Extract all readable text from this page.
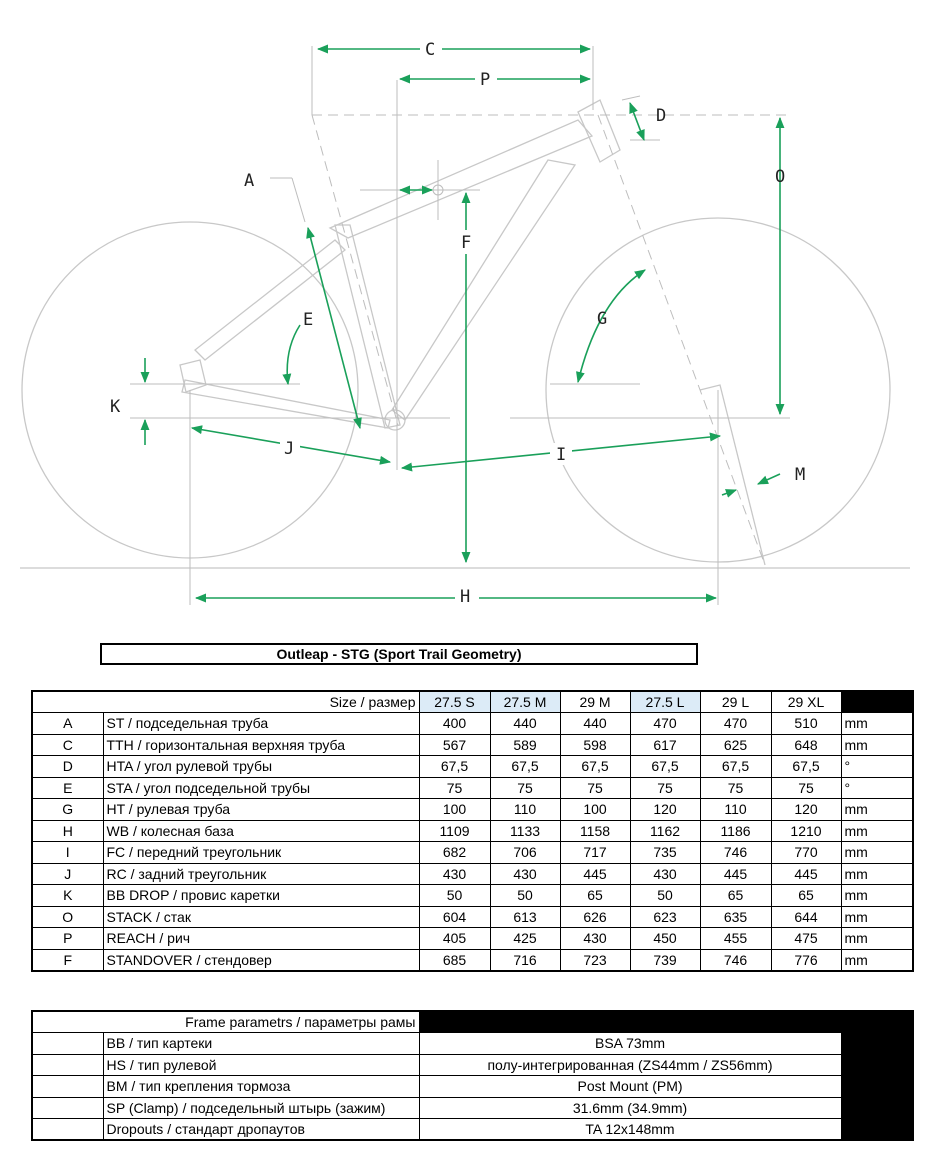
C
P
D
O
A
F
E	G
K
J	I
M
H
Outleap - STG (Sport Trail Geometry)
Size / размер		27.5 S	27.5 M	29 M	27.5 L	29 L	29 XL	
A	ST / подседельная труба	400	440	440	470	470	510	mm
C	TTH / горизонтальная верхняя труба	567	589	598	617	625	648	mm
D	HTA / угол рулевой трубы	67,5	67,5	67,5	67,5	67,5	67,5	°
E	STA / угол подседельной трубы	75	75	75	75	75	75	°
G	HT / рулевая труба	100	110	100	120	110	120	mm
H	WB / колесная база	1109	1133	1158	1162	1186	1210	mm
I	FC / передний треугольник	682	706	717	735	746	770	mm
J	RC / задний треугольник	430	430	445	430	445	445	mm
K	BB DROP / провис каретки	50	50	65	50	65	65	mm
O	STACK / стак	604	613	626	623	635	644	mm
P	REACH / рич	405	425	430	450	455	475	mm
F	STANDOVER / стендовер	685	716	723	739	746	776	mm
	Frame parametrs / параметры рамы		
	BB / тип картеки	BSA 73mm	
	HS / тип рулевой	полу-интегрированная (ZS44mm / ZS56mm)	
	BM / тип крепления тормоза	Post Mount (PM)	
	SP (Clamp) / подседельный штырь (зажим)	31.6mm (34.9mm)	
	Dropouts / стандарт дропаутов	TA 12x148mm	
